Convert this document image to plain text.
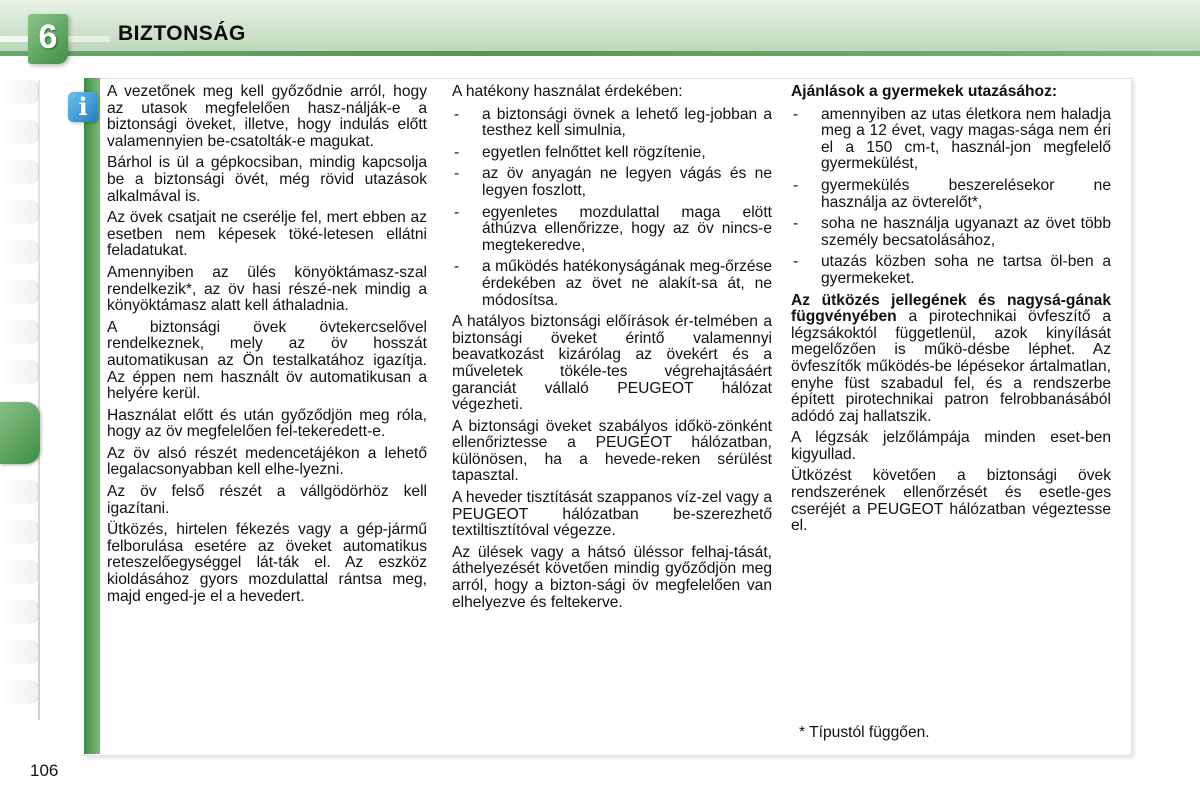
6	BIZTONSÁG
i

A vezetőnek meg kell győződnie arról, hogy az utasok megfelelően hasz-nálják-e a biztonsági öveket, illetve, hogy indulás előtt valamennyien be-csatolták-e magukat.

Bárhol is ül a gépkocsiban, mindig kapcsolja be a biztonsági övét, még rövid utazások alkalmával is.

Az övek csatjait ne cserélje fel, mert ebben az esetben nem képesek töké-letesen ellátni feladatukat.

Amennyiben az ülés könyöktámasz-szal rendelkezik*, az öv hasi részé-nek mindig a könyöktámasz alatt kell áthaladnia.

A biztonsági övek övtekercselővel rendelkeznek, mely az öv hosszát automatikusan az Ön testalkatához igazítja. Az éppen nem használt öv automatikusan a helyére kerül.

Használat előtt és után győződjön meg róla, hogy az öv megfelelően fel-tekeredett-e.

Az öv alsó részét medencetájékon a lehető legalacsonyabban kell elhe-lyezni.

Az öv felső részét a vállgödörhöz kell igazítani.

Ütközés, hirtelen fékezés vagy a gép-jármű felborulása esetére az öveket automatikus reteszelőegységgel lát-ták el. Az eszköz kioldásához gyors mozdulattal rántsa meg, majd enged-je el a hevedert.

A hatékony használat érdekében:

- a biztonsági övnek a lehető leg-jobban a testhez kell simulnia,
- egyetlen felnőttet kell rögzítenie,
- az öv anyagán ne legyen vágás és ne legyen foszlott,
- egyenletes mozdulattal maga elött áthúzva ellenőrizze, hogy az öv nincs-e megtekeredve,
- a működés hatékonyságának meg-őrzése érdekében az övet ne alakít-sa át, ne módosítsa.

A hatályos biztonsági előírások ér-telmében a biztonsági öveket érintő valamennyi beavatkozást kizárólag az övekért és a műveletek tökéle-tes végrehajtásáért garanciát vállaló PEUGEOT hálózat végezheti.

A biztonsági öveket szabályos időkö-zönként ellenőriztesse a PEUGEOT hálózatban, különösen, ha a hevede-reken sérülést tapasztal.

A heveder tisztítását szappanos víz-zel vagy a PEUGEOT hálózatban be-szerezhető textiltisztítóval végezze.

Az ülések vagy a hátsó üléssor felhaj-tását, áthelyezését követően mindig győződjön meg arról, hogy a bizton-sági öv megfelelően van elhelyezve és feltekerve.

Ajánlások a gyermekek utazásához:

- amennyiben az utas életkora nem haladja meg a 12 évet, vagy magas-sága nem éri el a 150 cm-t, használ-jon megfelelő gyermekülést,
- gyermekülés beszerelésekor ne használja az övterelőt*,
- soha ne használja ugyanazt az övet több személy becsatolásához,
- utazás közben soha ne tartsa öl-ben a gyermekeket.

Az ütközés jellegének és nagysá-gának függvényében a pirotechnikai övfeszítő a légzsákoktól függetlenül, azok kinyílását megelőzően is műkö-désbe léphet. Az övfeszítők működés-be lépésekor ártalmatlan, enyhe füst szabadul fel, és a rendszerbe épített pirotechnikai patron felrobbanásából adódó zaj hallatszik.

A légzsák jelzőlámpája minden eset-ben kigyullad.

Ütközést követően a biztonsági övek rendszerének ellenőrzését és esetle-ges cseréjét a PEUGEOT hálózatban végeztesse el.

* Típustól függően.
106
